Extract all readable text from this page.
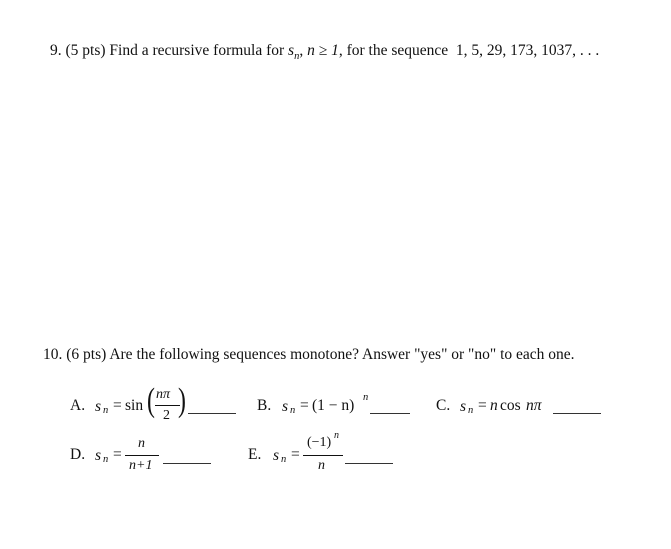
9. (5 pts) Find a recursive formula for $s_n$, n ≥ 1, for the sequence 1, 5, 29, 173, 1037, . . .
10. (6 pts) Are the following sequences monotone? Answer "yes" or "no" to each one.
A. s n = sin ( nπ
2 )	B. s n = (1 − n) n	C. s n = n cos nπ
D. s n =
n
n+1
E. s n =
(−1) n
n
